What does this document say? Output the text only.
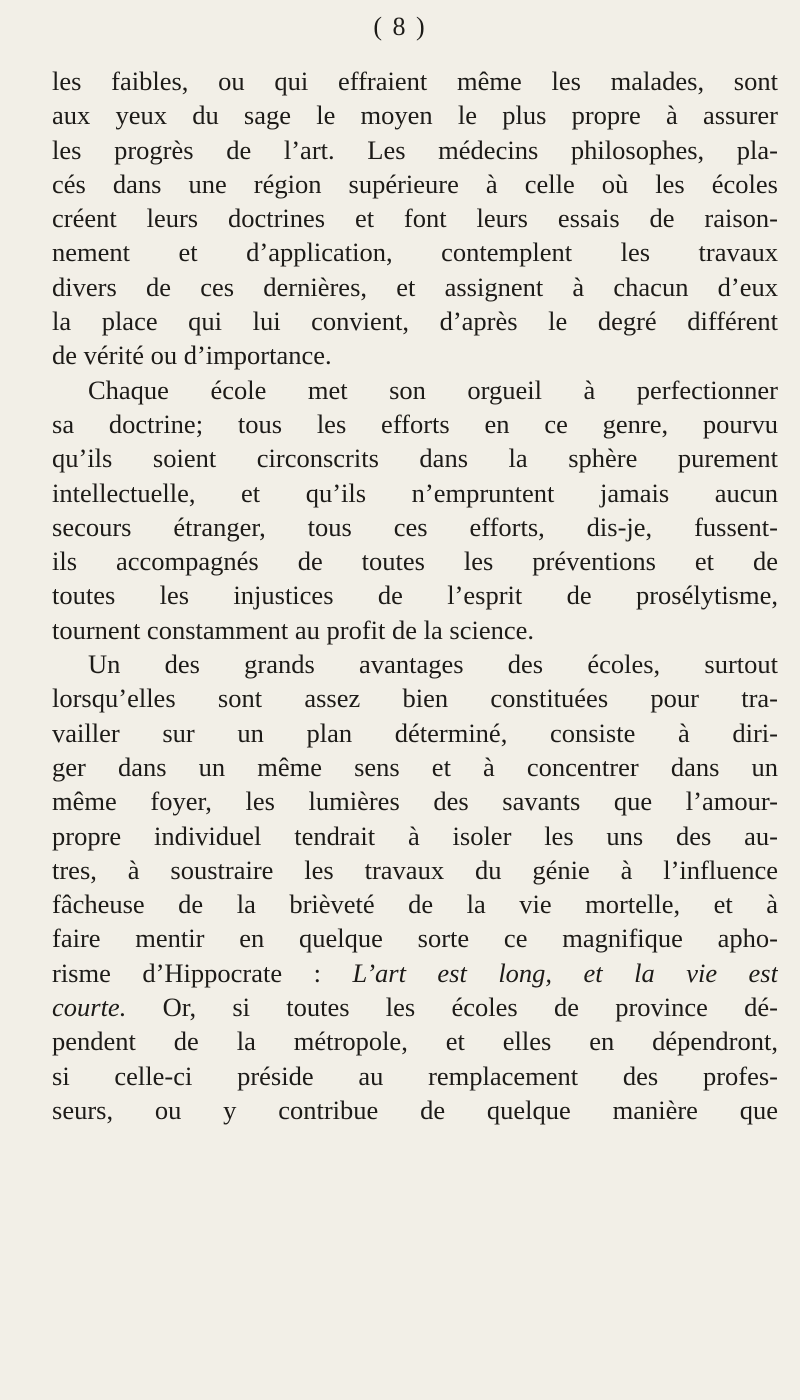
( 8 )
les faibles, ou qui effraient même les malades, sont
aux yeux du sage le moyen le plus propre à assurer
les progrès de l’art. Les médecins philosophes, pla-
cés dans une région supérieure à celle où les écoles
créent leurs doctrines et font leurs essais de raison-
nement et d’application, contemplent les travaux
divers de ces dernières, et assignent à chacun d’eux
la place qui lui convient, d’après le degré différent
de vérité ou d’importance.
Chaque école met son orgueil à perfectionner
sa doctrine; tous les efforts en ce genre, pourvu
qu’ils soient circonscrits dans la sphère purement
intellectuelle, et qu’ils n’empruntent jamais aucun
secours étranger, tous ces efforts, dis-je, fussent-
ils accompagnés de toutes les préventions et de
toutes les injustices de l’esprit de prosélytisme,
tournent constamment au profit de la science.
Un des grands avantages des écoles, surtout
lorsqu’elles sont assez bien constituées pour tra-
vailler sur un plan déterminé, consiste à diri-
ger dans un même sens et à concentrer dans un
même foyer, les lumières des savants que l’amour-
propre individuel tendrait à isoler les uns des au-
tres, à soustraire les travaux du génie à l’influence
fâcheuse de la brièveté de la vie mortelle, et à
faire mentir en quelque sorte ce magnifique apho-
risme d’Hippocrate : L’art est long, et la vie est
courte. Or, si toutes les écoles de province dé-
pendent de la métropole, et elles en dépendront,
si celle-ci préside au remplacement des profes-
seurs, ou y contribue de quelque manière que
